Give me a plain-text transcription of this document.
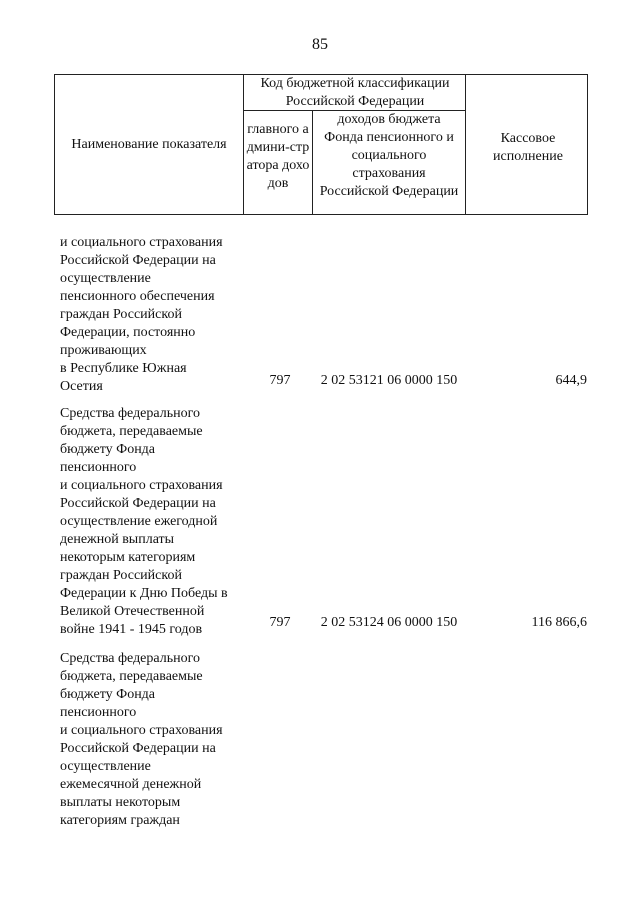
85
Наименование показателя
Код бюджетной классификации Российской Федерации
главного админи-стратора доходов
доходов бюджета Фонда пенсионного и социального страхования Российской Федерации
Кассовое исполнение
и социального страхования
Российской Федерации на
осуществление
пенсионного обеспечения
граждан Российской
Федерации, постоянно
проживающих
в Республике Южная
Осетия	797	2 02 53121 06 0000 150	644,9
Средства федерального
бюджета, передаваемые
бюджету Фонда
пенсионного
и социального страхования
Российской Федерации на
осуществление ежегодной
денежной выплаты
некоторым категориям
граждан Российской
Федерации к Дню Победы в
Великой Отечественной
войне 1941 - 1945 годов	797	2 02 53124 06 0000 150	116 866,6
Средства федерального
бюджета, передаваемые
бюджету Фонда
пенсионного
и социального страхования
Российской Федерации на
осуществление
ежемесячной денежной
выплаты некоторым
категориям граждан
